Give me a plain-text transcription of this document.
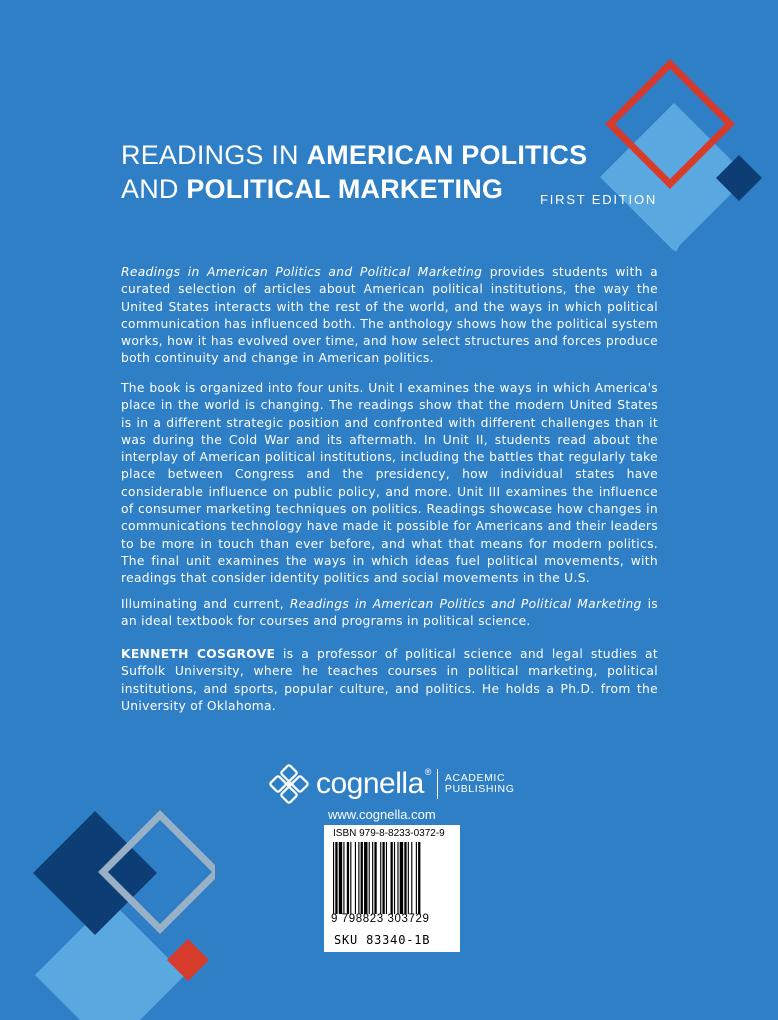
READINGS IN AMERICAN POLITICS
AND POLITICAL MARKETING	FIRST EDITION

Readings in American Politics and Political Marketing provides students with a curated selection of articles about American political institutions, the way the United States interacts with the rest of the world, and the ways in which political communication has influenced both. The anthology shows how the political system works, how it has evolved over time, and how select structures and forces produce both continuity and change in American politics.

The book is organized into four units. Unit I examines the ways in which America's place in the world is changing. The readings show that the modern United States is in a different strategic position and confronted with different challenges than it was during the Cold War and its aftermath. In Unit II, students read about the interplay of American political institutions, including the battles that regularly take place between Congress and the presidency, how individual states have considerable influence on public policy, and more. Unit III examines the influence of consumer marketing techniques on politics. Readings showcase how changes in communications technology have made it possible for Americans and their leaders to be more in touch than ever before, and what that means for modern politics. The final unit examines the ways in which ideas fuel political movements, with readings that consider identity politics and social movements in the U.S.

Illuminating and current, Readings in American Politics and Political Marketing is an ideal textbook for courses and programs in political science.

KENNETH COSGROVE is a professor of political science and legal studies at Suffolk University, where he teaches courses in political marketing, political institutions, and sports, popular culture, and politics. He holds a Ph.D. from the University of Oklahoma.

cognella® ACADEMIC
PUBLISHING
www.cognella.com
ISBN 979-8-8233-0372-9
9 798823 303729
SKU 83340-1B
